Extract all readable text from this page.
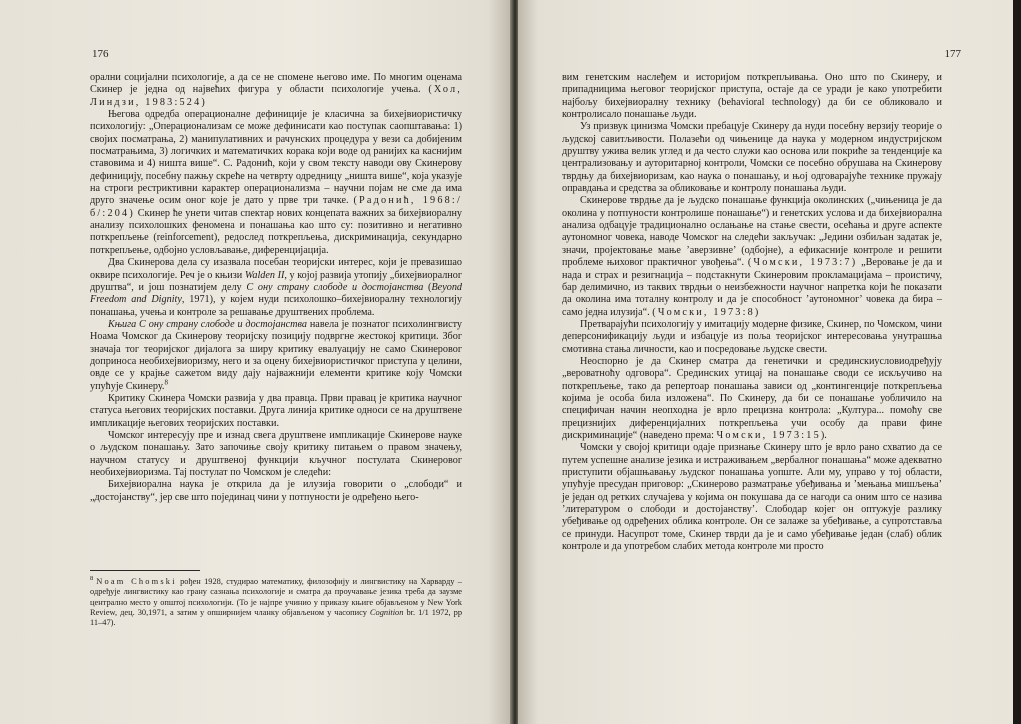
176

орални социјални психологије, а да се не спомене његово име. По многим оценама Скинер је једна од највећих фигура у области психологије учења. (Хол, Линдзи, 1983:524)

Његова одредба операционалне дефиниције је класична за бихејвиористичку психологију: „Операционализам се може дефинисати као поступак саопштавања: 1) својих посматрања, 2) манипулативних и рачунских процедура у вези са добијеним посматрањима, 3) логичких и математичких корака који воде од ранијих ка каснијим ставовима и 4) ништа више“. С. Радонић, који у свом тексту наводи ову Скинерову дефиницију, посебну пажњу скреће на четврту одредницу „ништа више“, која указује на строги рестриктивни карактер операционализма – научни појам не сме да има друго значење осим оног које је дато у прве три тачке. (Радонић, 1968:/б/:204) Скинер ће унети читав спектар нових концепата важних за бихејвиоралну анализу психолошких феномена и понашања као што су: позитивно и негативно поткрепљење (reinforcement), редослед поткрепљења, дискриминација, секундарно поткрепљење, одбојно условљавање, диференцијација.

Два Скинерова дела су изазвала посебан теоријски интерес, који је превазишао оквире психологије. Реч је о књизи Walden II, у којој развија утопију „бихејвиоралног друштва“, и још познатијем делу С ону страну слободе и достојанства (Beyond Freedom and Dignity, 1971), у којем нуди психолошко–бихејвиоралну технологију понашања, учења и контроле за решавање друштвених проблема.

Књига С ону страну слободе и достојанства навела је познатог психолингвисту Ноама Чомског да Скинерову теоријску позицију подвргне жестокој критици. Због значаја тог теоријског дијалога за ширу критику евалуацију не само Скинеровог доприноса необихејвиоризму, него и за оцену бихејвиористичког приступа у целини, овде се у крајње сажетом виду дају најважнији елементи критике коју Чомски упућује Скинеру.$^8$

Критику Скинера Чомски развија у два правца. Први правац је критика научног статуса његових теоријских поставки. Друга линија критике односи се на друштвене импликације његових теоријских поставки.

Чомског интересују пре и изнад свега друштвене импликације Скинерове науке о људском понашању. Зато започиње своју критику питањем о правом значењу, научном статусу и друштвеној функцији кључног постулата Скинеровог необихејвиоризма. Тај постулат по Чомском је следећи:

Бихејвиорална наука је открила да је илузија говорити о „слободи“ и „достојанству“, јер све што појединац чини у потпуности је одређено њего-

$^8$ Noam Chomski рођен 1928, студирао математику, филозофију и лингвистику на Харварду – одређује лингвистику као грану сазнања психологије и сматра да проучавање језика треба да заузме централно место у општој психологији. (То је најпре учинио у приказу књиге објављеном у New York Review, дец. 30,1971, а затим у опширнијем чланку објављеном у часопису Cognition br. 1/1 1972, pp 11–47).
177

вим генетским наслеђем и историјом поткрепљивања. Оно што по Скинеру, и припадницима његовог теоријског приступа, остаје да се уради је како употребити најбољу бихејвиоралну технику (behavioral technology) да би се обликовало и контролисало понашање људи.

Уз призвук цинизма Чомски пребацује Скинеру да нуди посебну верзију теорије о људској савитљивости. Полазећи од чињенице да наука у модерном индустријском друштву ужива велик углед и да често служи као основа или покриће за тенденције ка централизовању и ауторитарној контроли, Чомски се посебно обрушава на Скинерову тврдњу да бихејвиоризам, као наука о понашању, и њој одговарајуће технике пружају оправдања и средства за обликовање и контролу понашања људи.

Скинерове тврдње да је људско понашање функција околинских („чињеница је да околина у потпуности контролише понашање“) и генетских услова и да бихејвиорална анализа одбацује традиционално ослањање на стање свести, осећања и друге аспекте аутономног човека, наводе Чомског на следећи закључак: „Једини озбиљан задатак је, значи, пројектовање мање ’аверзивне’ (одбојне), а ефикасније контроле и решити проблеме њиховог практичног увођења“. (Чомски, 1973:7) „Веровање је да и нада и страх и резигнација – подстакнути Скинеровим прокламацијама – проистичу, бар делимично, из таквих тврдњи о неизбежности научног напретка који ће показати да околина има тоталну контролу и да је способност ’аутономног’ човека да бира – само једна илузија“. (Чомски, 1973:8)

Претварајући психологију у имитацију модерне физике, Скинер, по Чомском, чини деперсонификацију људи и избацује из поља теоријског интересовања унутрашња смотивна стања личности, као и посредовање људске свести.

Неоспорно је да Скинер сматра да генетички и срединскиусловиодређују „вероватноћу одговора“. Срединских утицај на понашање своди се искључиво на поткрепљење, тако да репертоар понашања зависи од „контингенције поткрепљења којима је особа била изложена“. По Скинеру, да би се понашање уобличило на специфичан начин неопходна је врло прецизна контрола: „Култура... помоћу све прецизнијих диференцијалних поткрепљења учи особу да прави фине дискриминације“ (наведено према: Чомски, 1973:15).

Чомски у својој критици одаје признање Скинеру што је врло рано схватио да се путем успешне анализе језика и истраживањем „вербалног понашања“ може адекватно приступити објашњавању људског понашања уопште. Али му, управо у тој области, упућује пресудан приговор: „Скинерово разматрање убеђивања и ’мењања мишљења’ је један од ретких случајева у којима он покушава да се нагоди са оним што се назива ’литературом о слободи и достојанству’. Слободар којег он оптужује разлику убеђивање од одређених облика контроле. Он се залаже за убеђивање, а супротстављa се принуди. Насупрот томе, Скинер тврди да је и само убеђивање један (слаб) облик контроле и да употребом слабих метода контроле ми просто
